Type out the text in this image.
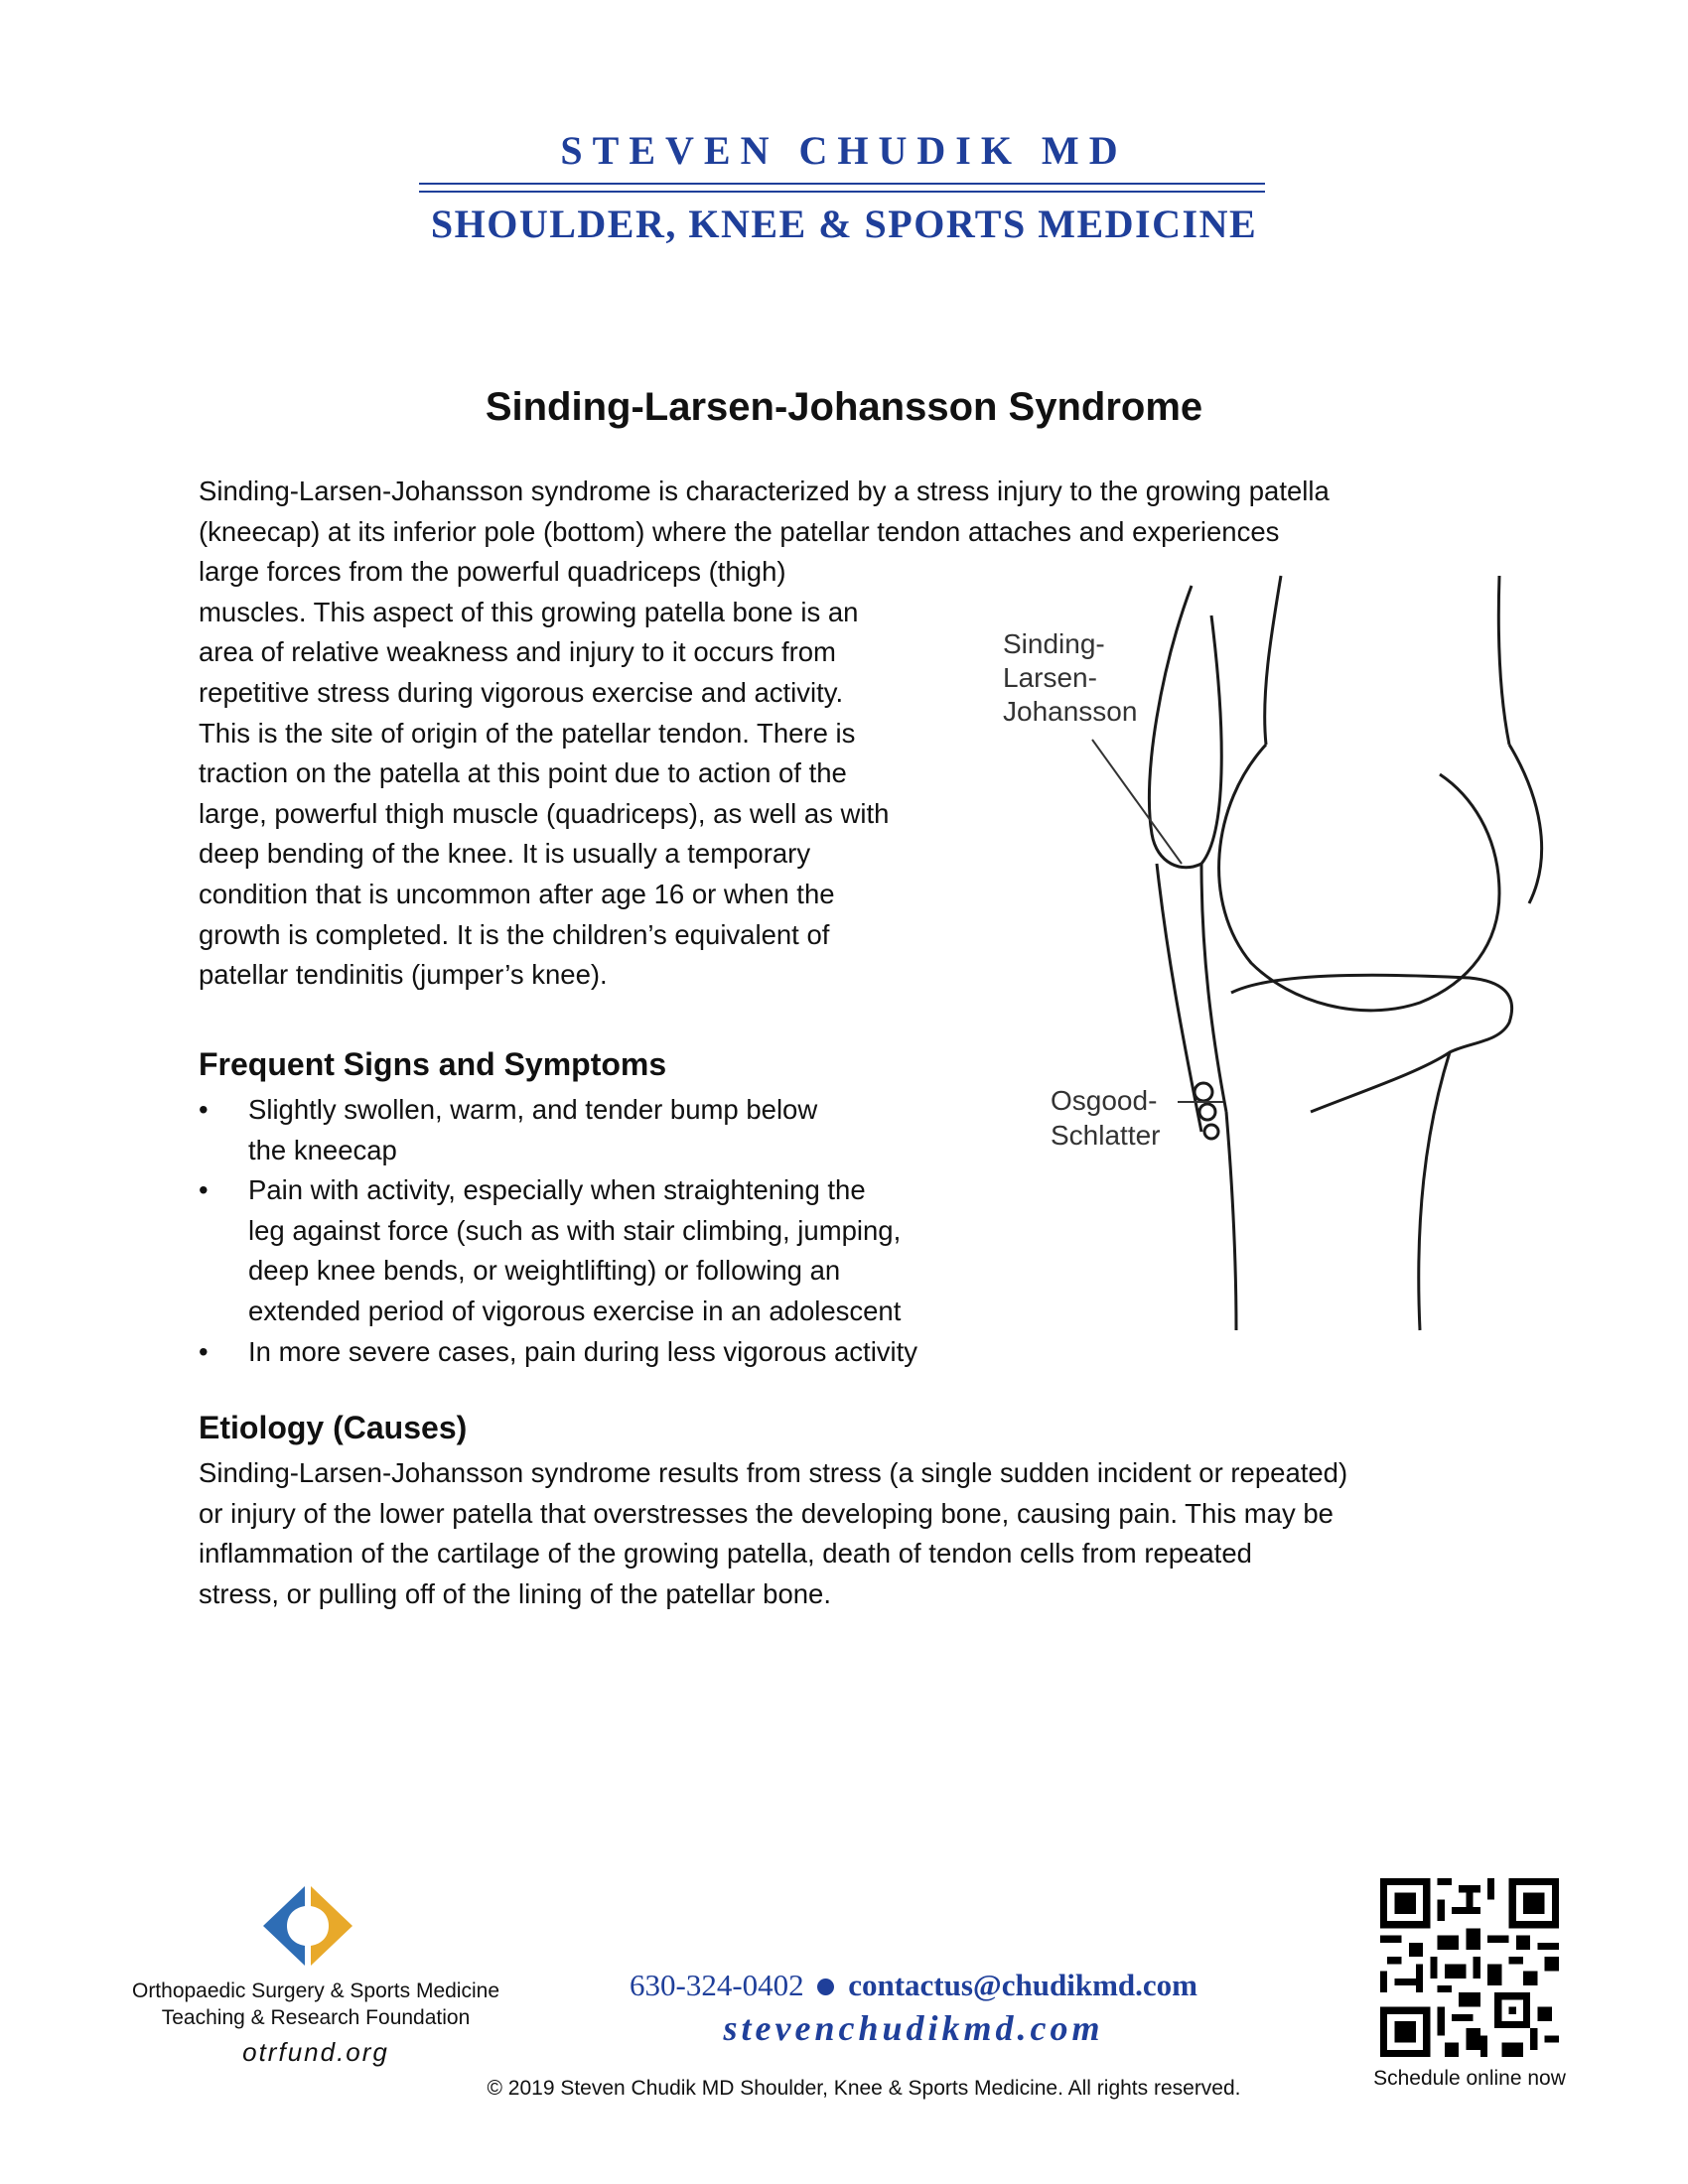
STEVEN CHUDIK MD
SHOULDER, KNEE & SPORTS MEDICINE
Sinding-Larsen-Johansson Syndrome

Sinding-Larsen-Johansson syndrome is characterized by a stress injury to the growing patella
(kneecap) at its inferior pole (bottom) where the patellar tendon attaches and experiences
large forces from the powerful quadriceps (thigh)
muscles. This aspect of this growing patella bone is an
area of relative weakness and injury to it occurs from
repetitive stress during vigorous exercise and activity.
This is the site of origin of the patellar tendon. There is
traction on the patella at this point due to action of the
large, powerful thigh muscle (quadriceps), as well as with
deep bending of the knee. It is usually a temporary
condition that is uncommon after age 16 or when the
growth is completed. It is the children’s equivalent of
patellar tendinitis (jumper’s knee).

Frequent Signs and Symptoms
• Slightly swollen, warm, and tender bump below
the kneecap
• Pain with activity, especially when straightening the
leg against force (such as with stair climbing, jumping,
deep knee bends, or weightlifting) or following an
extended period of vigorous exercise in an adolescent
• In more severe cases, pain during less vigorous activity
Etiology (Causes)

Sinding-Larsen-Johansson syndrome results from stress (a single sudden incident or repeated)
or injury of the lower patella that overstresses the developing bone, causing pain. This may be
inflammation of the cartilage of the growing patella, death of tendon cells from repeated
stress, or pulling off of the lining of the patellar bone.

Sinding-
Larsen-
Johansson
Osgood-
Schlatter
Orthopaedic Surgery & Sports Medicine
Teaching & Research Foundation
otrfund.org
630-324-0402 contactus@chudikmd.com
stevenchudikmd.com
© 2019 Steven Chudik MD Shoulder, Knee & Sports Medicine. All rights reserved.	Schedule online now
